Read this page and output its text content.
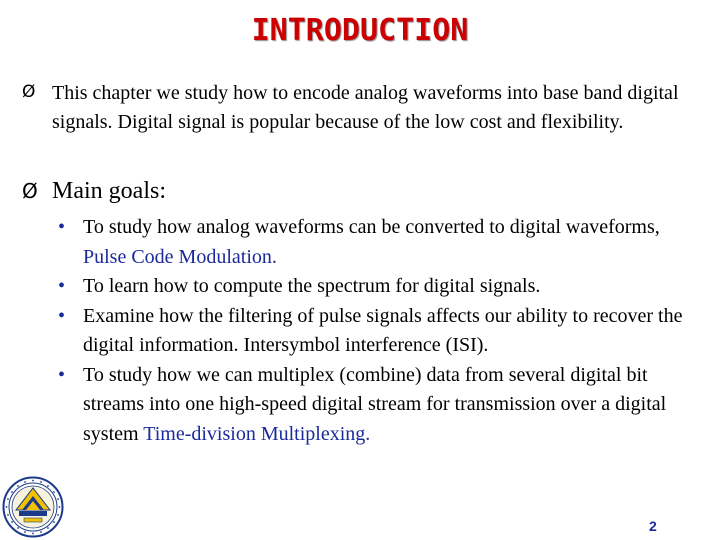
INTRODUCTION
Ø This chapter we study how to encode analog waveforms into base band digital signals. Digital signal is popular because of the low cost and flexibility.
Ø Main goals:
• To study how analog waveforms can be converted to digital waveforms, Pulse Code Modulation.
• To learn how to compute the spectrum for digital signals.
• Examine how the filtering of pulse signals affects our ability to recover the digital information. Intersymbol interference (ISI).
• To study how we can multiplex (combine) data from several digital bit streams into one high-speed digital stream for transmission over a digital system Time-division Multiplexing.
2
